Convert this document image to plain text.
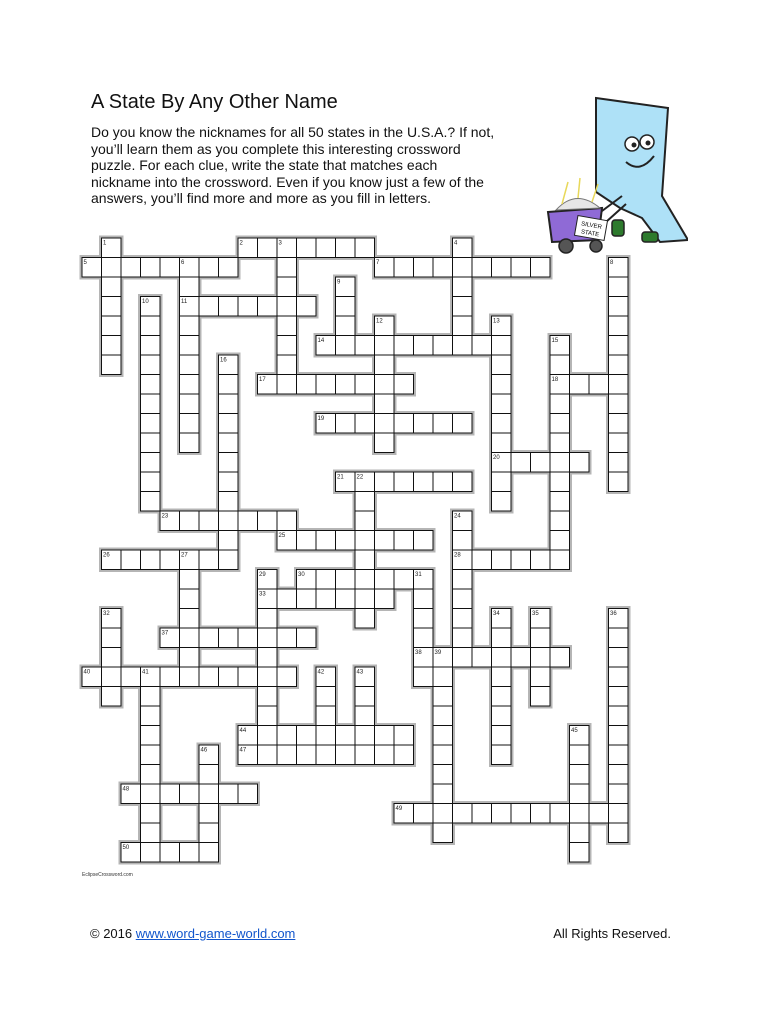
A State By Any Other Name

Do you know the nicknames for all 50 states in the U.S.A.? If not,
you’ll learn them as you complete this interesting crossword
puzzle. For each clue, write the state that matches each
nickname into the crossword. Even if you know just a few of the
answers, you’ll find more and more as you fill in letters.

SILVER
STATE
2	3
5	6	7
11
14
17	18
19
20
21 22
23
25
26	27	28
30	31
33
37
38 39
40	41
44
47
48
49
50
1	4
8
9
10
12	13
15
16
24
29
32	34	35	36
42	43
45
46
EclipseCrossword.com
© 2016 www.word-game-world.com	All Rights Reserved.
